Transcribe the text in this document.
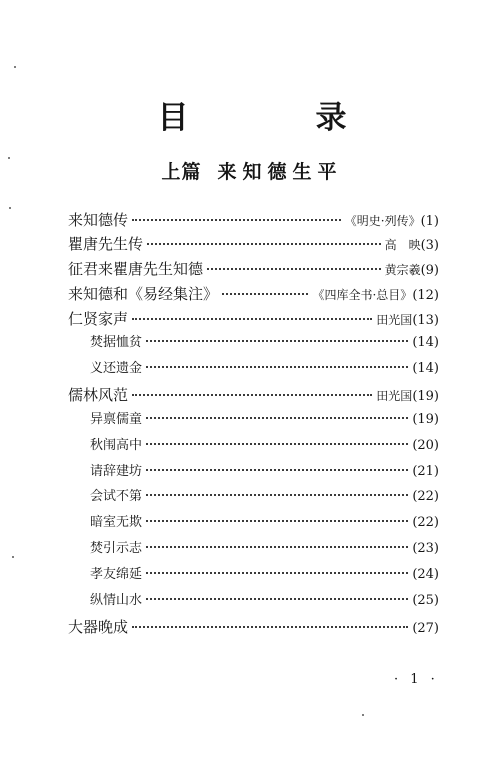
目　录
上篇 来知德生平
来知德传	《明史·列传》 (1)
瞿唐先生传	高　映 (3)
征君来瞿唐先生知德	黄宗羲 (9)
来知德和《易经集注》	《四库全书·总目》 (12)
仁贤家声	田光国 (13)
焚据恤贫	(14)
义还遗金	(14)
儒林风范	田光国 (19)
异禀儒童	(19)
秋闱高中	(20)
请辞建坊	(21)
会试不第	(22)
暗室无欺	(22)
焚引示志	(23)
孝友绵延	(24)
纵情山水	(25)
大器晚成	(27)
· 1 ·
